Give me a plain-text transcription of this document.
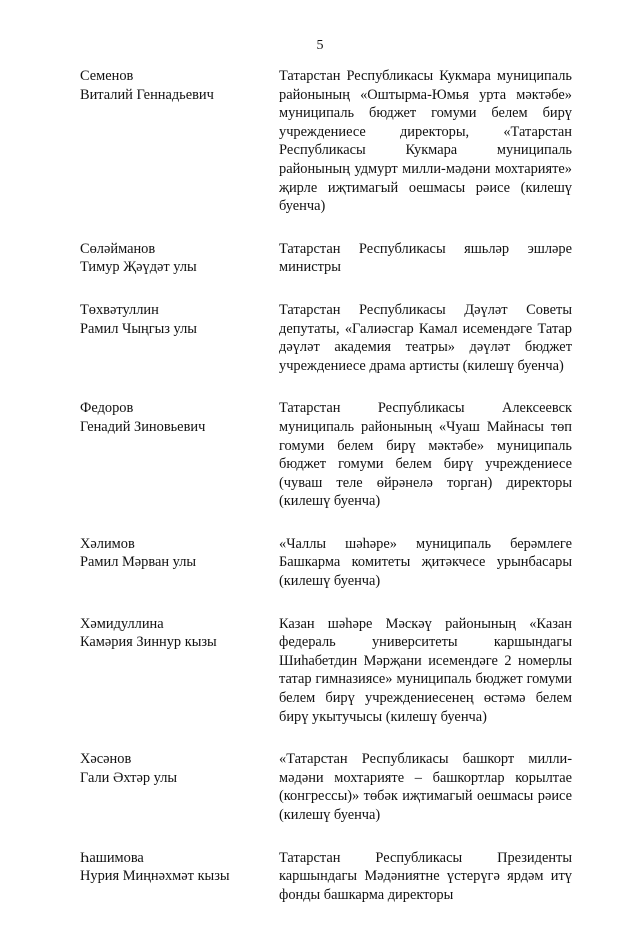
5
Семенов
Виталий Геннадьевич
Татарстан Республикасы Кукмара муниципаль районының «Оштырма-Юмья урта мәктәбе» муниципаль бюджет гомуми белем бирү учреждениесе директоры, «Татарстан Республикасы Кукмара муниципаль районының удмурт милли-мәдәни мохтарияте» җирле иҗтимагый оешмасы рәисе (килешү буенча)
Сөләйманов
Тимур Җәүдәт улы
Татарстан Республикасы яшьләр эшләре министры
Төхвәтуллин
Рамил Чыңгыз улы
Татарстан Республикасы Дәүләт Советы депутаты, «Галиәсгар Камал исемендәге Татар дәүләт академия театры» дәүләт бюджет учреждениесе драма артисты (килешү буенча)
Федоров
Генадий Зиновьевич
Татарстан Республикасы Алексеевск муниципаль районының «Чуаш Майнасы төп гомуми белем бирү мәктәбе» муниципаль бюджет гомуми белем бирү учреждениесе (чуваш теле өйрәнелә торган) директоры (килешү буенча)
Хәлимов
Рамил Мәрван улы
«Чаллы шәһәре» муниципаль берәмлеге Башкарма комитеты җитәкчесе урынбасары (килешү буенча)
Хәмидуллина
Камәрия Зиннур кызы
Казан шәһәре Мәскәү районының «Казан федераль университеты каршындагы Шиһабетдин Мәрҗани исемендәге 2 номерлы татар гимназиясе» муниципаль бюджет гомуми белем бирү учреждениесенең өстәмә белем бирү укытучысы (килешү буенча)
Хәсәнов
Гали Әхтәр улы
«Татарстан Республикасы башкорт милли-мәдәни мохтарияте – башкортлар корылтае (конгрессы)» төбәк иҗтимагый оешмасы рәисе (килешү буенча)
Һашимова
Нурия Миңнәхмәт кызы
Татарстан Республикасы Президенты каршындагы Мәдәниятне үстерүгә ярдәм итү фонды башкарма директоры
